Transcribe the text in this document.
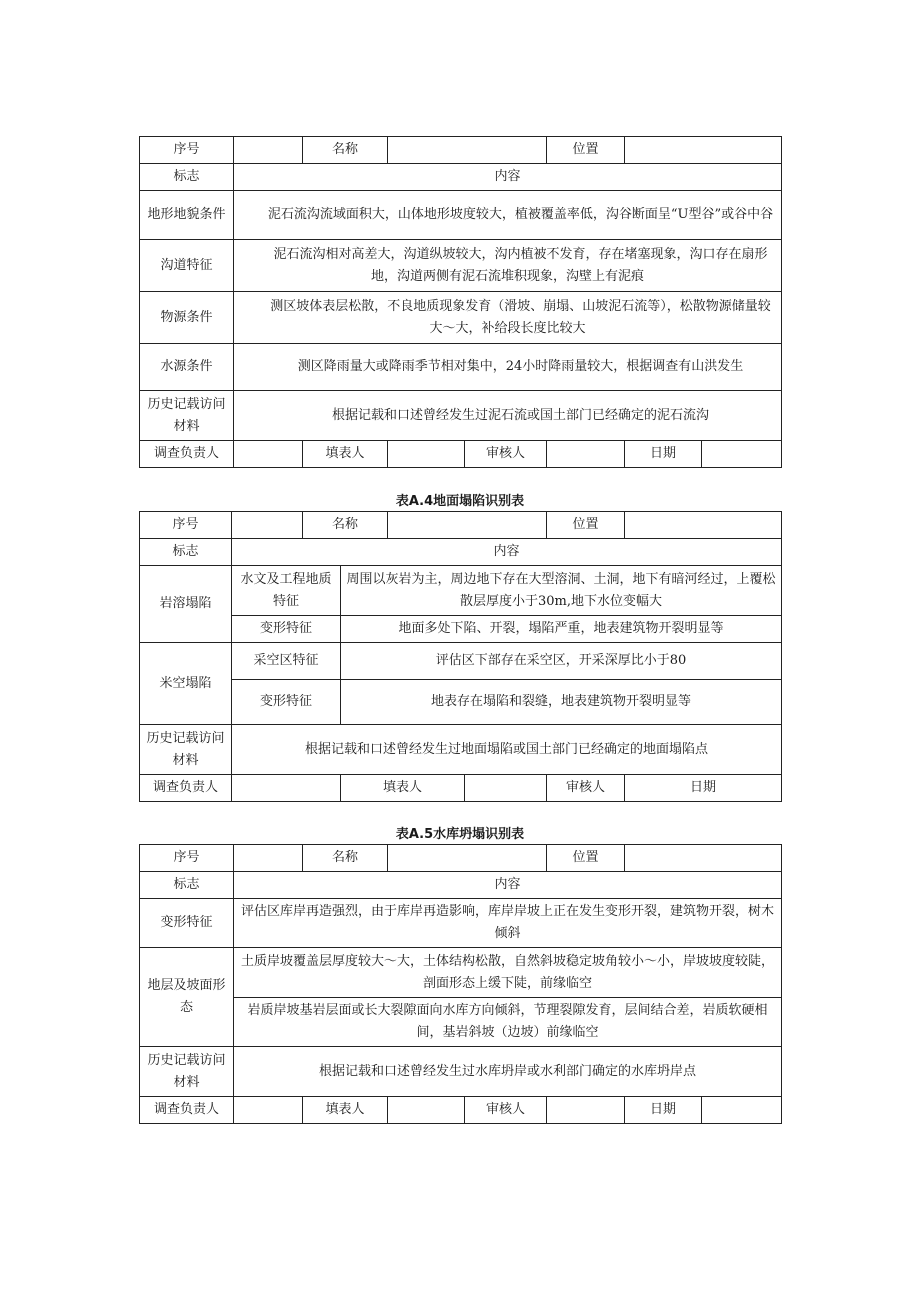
序号		名称			位置		
标志	内容						
地形地貌条件	泥石流沟流域面积大，山体地形坡度较大，植被覆盖率低，沟谷断面呈“U型谷”或谷中谷						
沟道特征	泥石流沟相对高差大，沟道纵坡较大，沟内植被不发育，存在堵塞现象，沟口存在扇形地，沟道两侧有泥石流堆积现象，沟壁上有泥痕						
物源条件	测区坡体表层松散，不良地质现象发育（滑坡、崩塌、山坡泥石流等），松散物源储量较大～大，补给段长度比较大						
水源条件	测区降雨量大或降雨季节相对集中，24小时降雨量较大，根据调查有山洪发生						
历史记载访问材料	根据记载和口述曾经发生过泥石流或国土部门已经确定的泥石流沟						
调查负责人		填表人		审核人		日期	
表A.4地面塌陷识别表
序号		名称				位置	
标志	内容						
岩溶塌陷	水文及工程地质特征		周围以灰岩为主，周边地下存在大型溶洞、土洞，地下有暗河经过，上覆松散层厚度小于30m,地下水位变幅大				
	变形特征		地面多处下陷、开裂，塌陷严重，地表建筑物开裂明显等				
米空塌陷	采空区特征		评估区下部存在采空区，开采深厚比小于80				
	变形特征		地表存在塌陷和裂缝，地表建筑物开裂明显等				
历史记载访问材料	根据记载和口述曾经发生过地面塌陷或国土部门已经确定的地面塌陷点						
调查负责人			填表人			审核人	日期
表A.5水库坍塌识别表
序号		名称			位置		
标志	内容						
变形特征	评估区库岸再造强烈，由于库岸再造影响，库岸岸坡上正在发生变形开裂，建筑物开裂，树木倾斜						
地层及坡面形态	土质岸坡覆盖层厚度较大～大，土体结构松散，自然斜坡稳定坡角较小～小，岸坡坡度较陡，剖面形态上缓下陡，前缘临空						
	岩质岸坡基岩层面或长大裂隙面向水库方向倾斜，节理裂隙发育，层间结合差，岩质软硬相间，基岩斜坡（边坡）前缘临空						
历史记载访问材料	根据记载和口述曾经发生过水库坍岸或水利部门确定的水库坍岸点						
调查负责人		填表人		审核人		日期	
